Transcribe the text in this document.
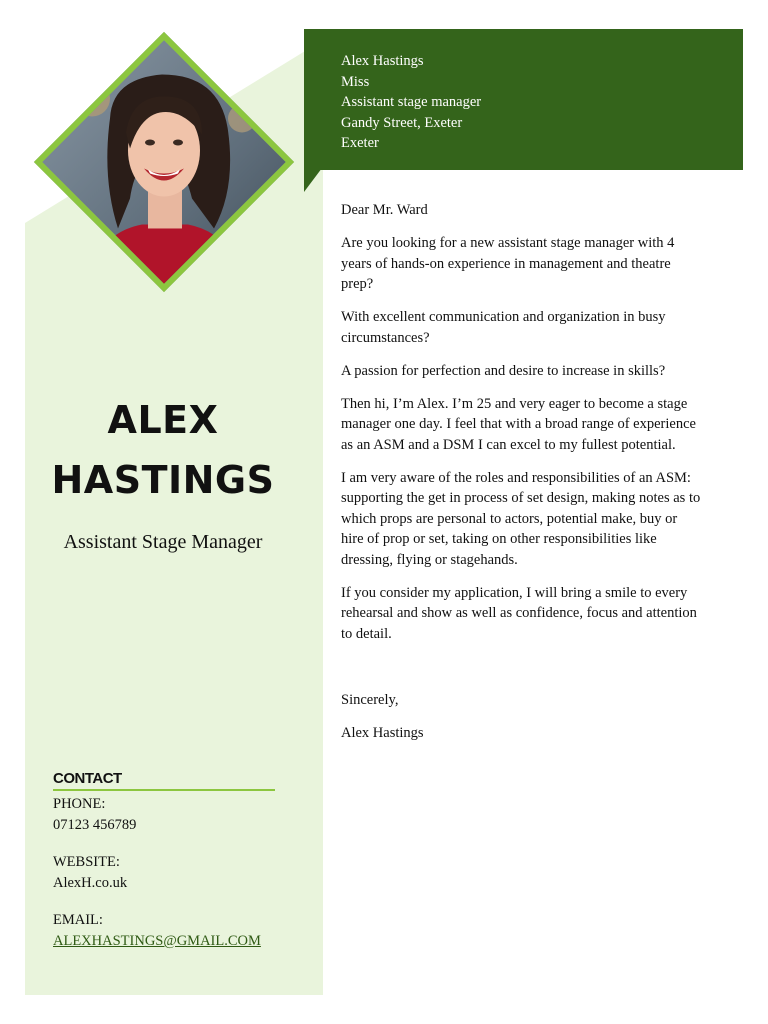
ALEX
HASTINGS
Assistant Stage Manager
CONTACT
PHONE:
07123 456789
WEBSITE:
AlexH.co.uk
EMAIL:
ALEXHASTINGS@GMAIL.COM
Alex Hastings
Miss
Assistant stage manager
Gandy Street, Exeter
Exeter

Dear Mr. Ward

Are you looking for a new assistant stage manager with 4 years of hands-on experience in management and theatre prep?

With excellent communication and organization in busy circumstances?

A passion for perfection and desire to increase in skills?

Then hi, I’m Alex. I’m 25 and very eager to become a stage manager one day. I feel that with a broad range of experience as an ASM and a DSM I can excel to my fullest potential.

I am very aware of the roles and responsibilities of an ASM: supporting the get in process of set design, making notes as to which props are personal to actors, potential make, buy or hire of prop or set, taking on other responsibilities like dressing, flying or stagehands.

If you consider my application, I will bring a smile to every rehearsal and show as well as confidence, focus and attention to detail.

Sincerely,

Alex Hastings
